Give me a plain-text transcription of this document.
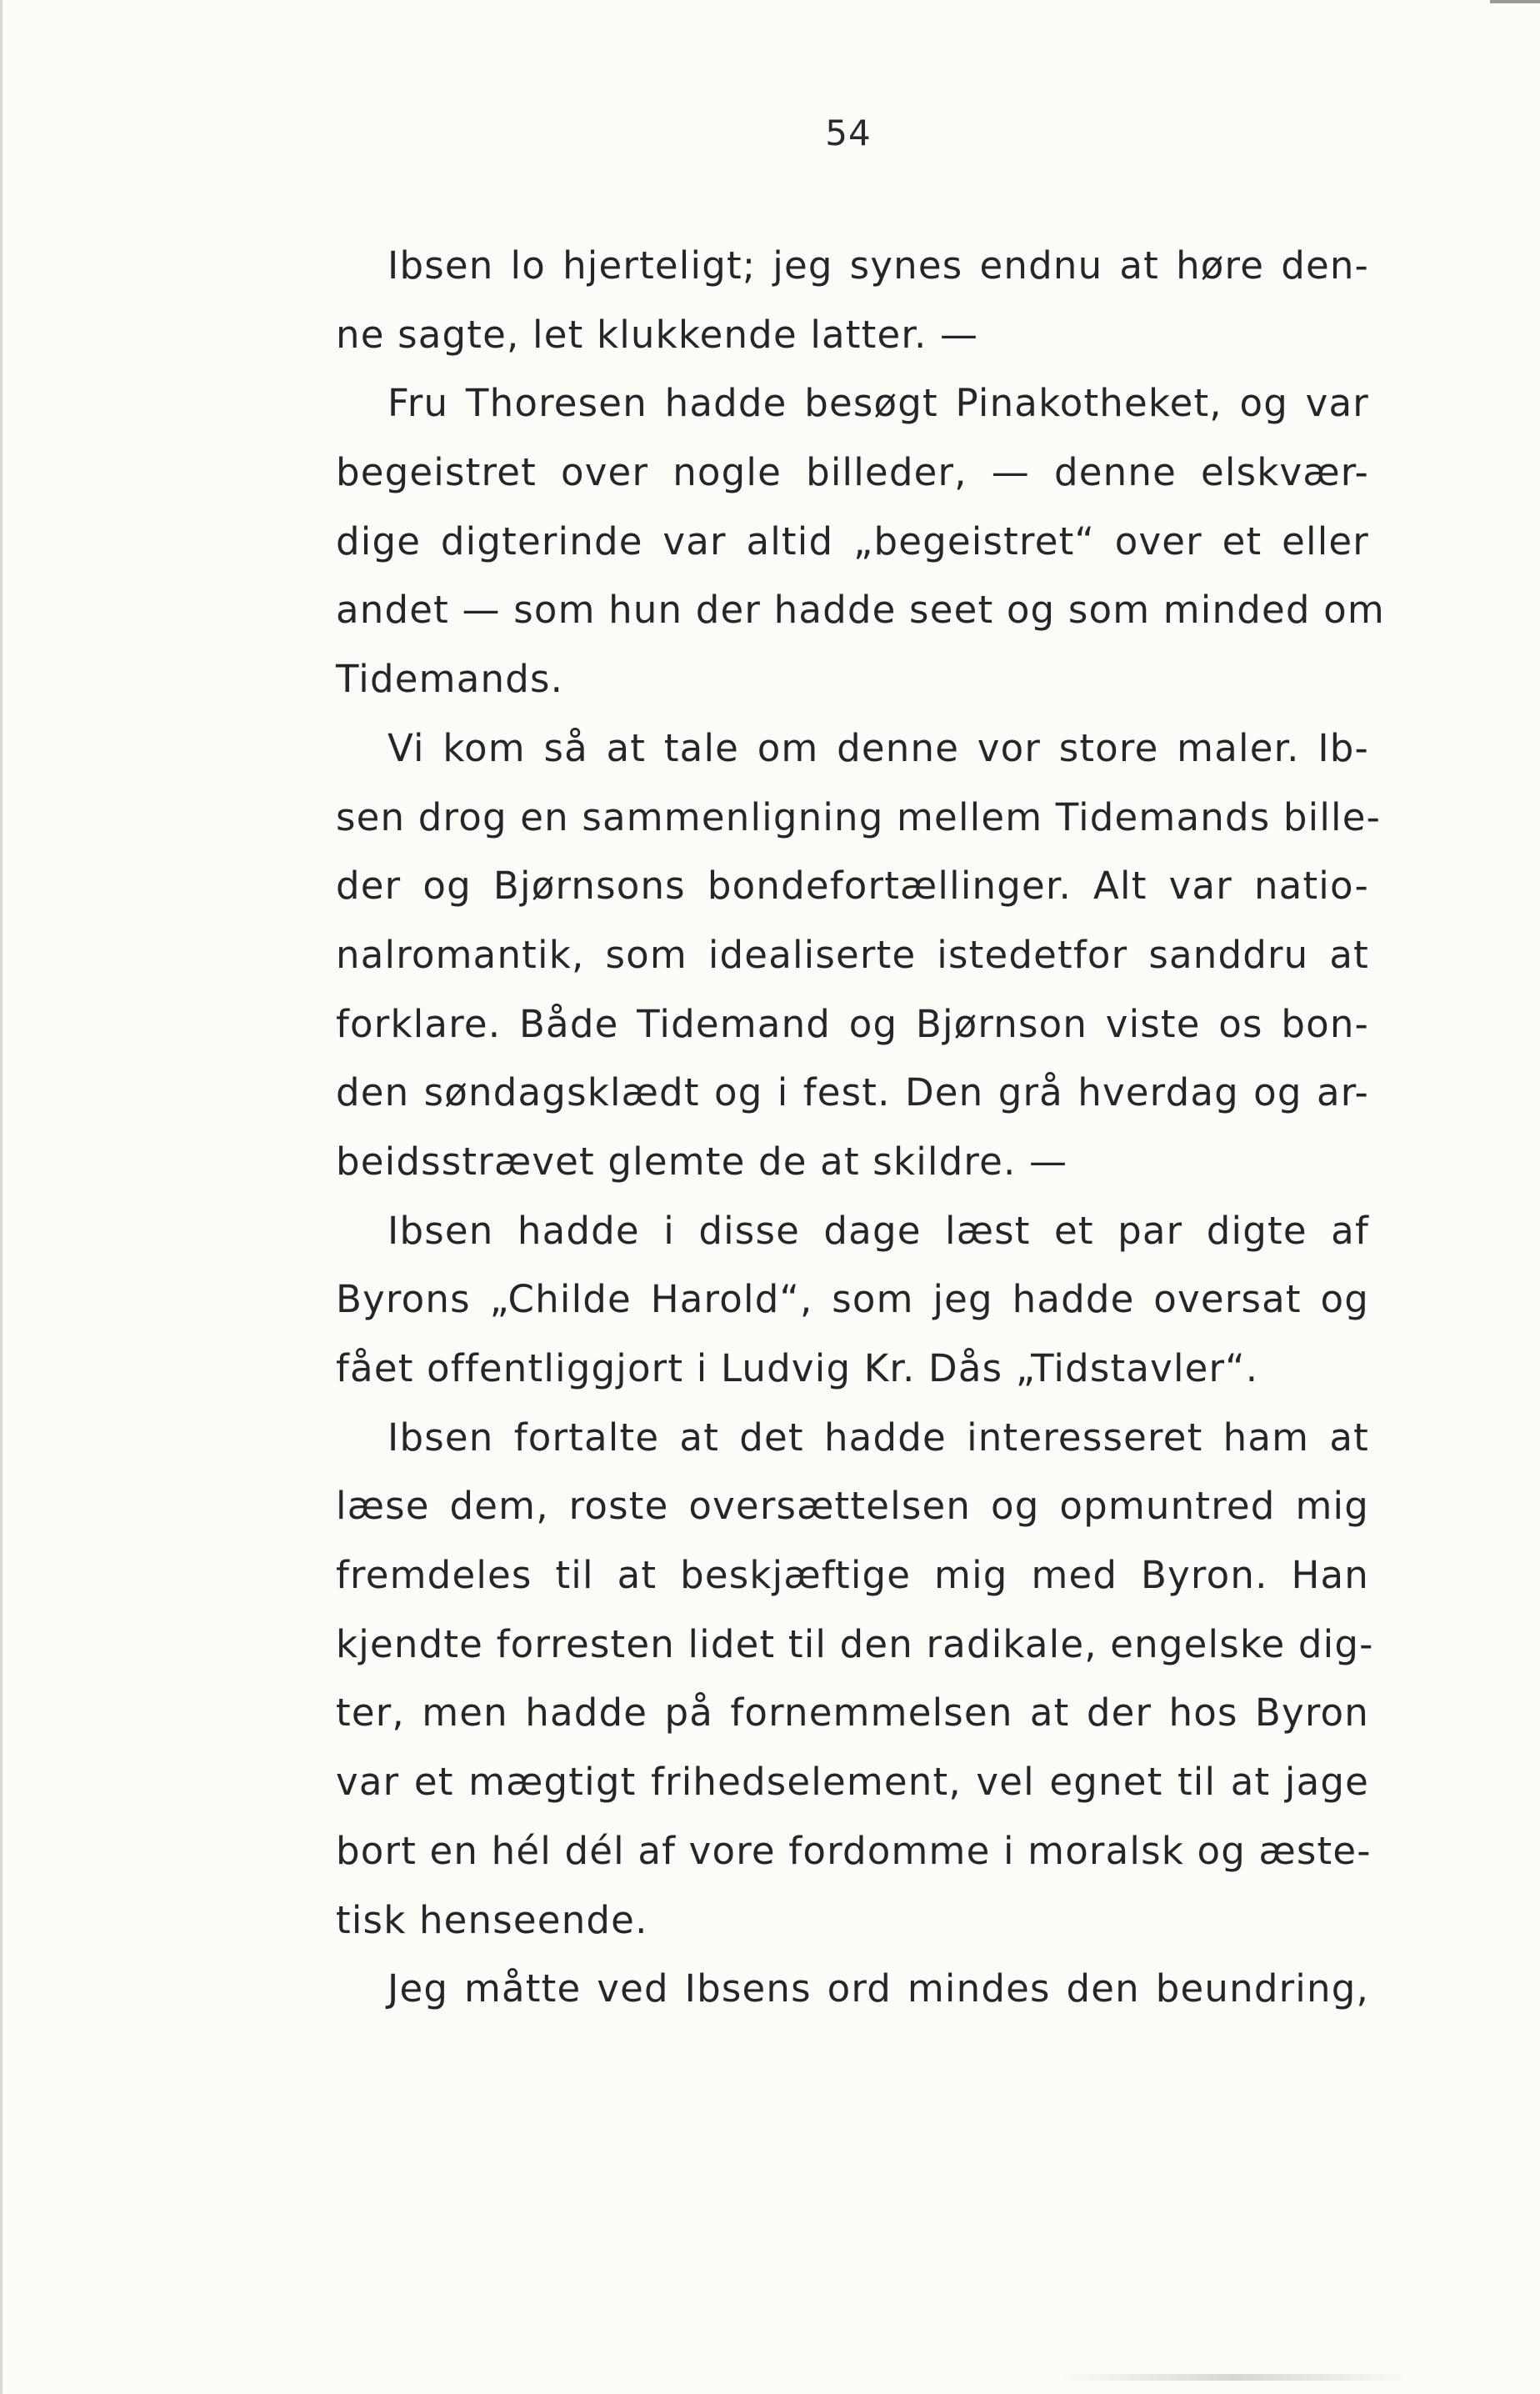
54
Ibsen lo hjerteligt; jeg synes endnu at høre den-
ne sagte, let klukkende latter. —
Fru Thoresen hadde besøgt Pinakotheket, og var
begeistret over nogle billeder, — denne elskvær-
dige digterinde var altid „begeistret“ over et eller
andet — som hun der hadde seet og som minded om
Tidemands.
Vi kom så at tale om denne vor store maler. Ib-
sen drog en sammenligning mellem Tidemands bille-
der og Bjørnsons bondefortællinger. Alt var natio-
nalromantik, som idealiserte istedetfor sanddru at
forklare. Både Tidemand og Bjørnson viste os bon-
den søndagsklædt og i fest. Den grå hverdag og ar-
beidsstrævet glemte de at skildre. —
Ibsen hadde i disse dage læst et par digte af
Byrons „Childe Harold“, som jeg hadde oversat og
fået offentliggjort i Ludvig Kr. Dås „Tidstavler“.
Ibsen fortalte at det hadde interesseret ham at
læse dem, roste oversættelsen og opmuntred mig
fremdeles til at beskjæftige mig med Byron. Han
kjendte forresten lidet til den radikale, engelske dig-
ter, men hadde på fornemmelsen at der hos Byron
var et mægtigt frihedselement, vel egnet til at jage
bort en hél dél af vore fordomme i moralsk og æste-
tisk henseende.
Jeg måtte ved Ibsens ord mindes den beundring,
